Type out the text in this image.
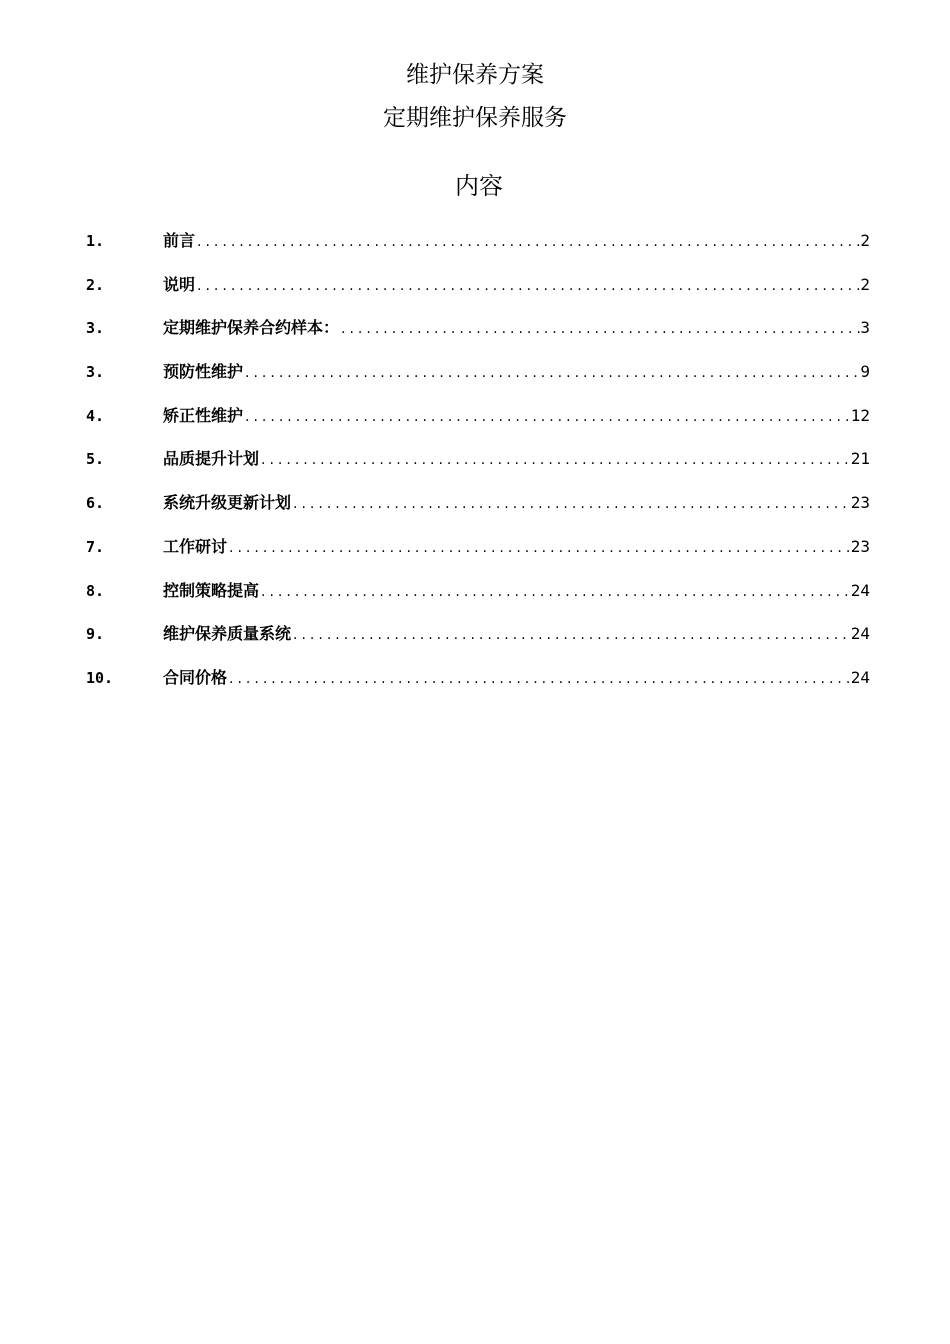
维护保养方案
定期维护保养服务
内容
1.	前言 .....	2
2.	说明 .....	2
3.	定期维护保养合约样本： .....	3
3.	预防性维护 .....	9
4.	矫正性维护 .....	12
5.	品质提升计划 .....	21
6.	系统升级更新计划 .....	23
7.	工作研讨 .....	23
8.	控制策略提高 .....	24
9.	维护保养质量系统 .....	24
10.	合同价格 .....	24
